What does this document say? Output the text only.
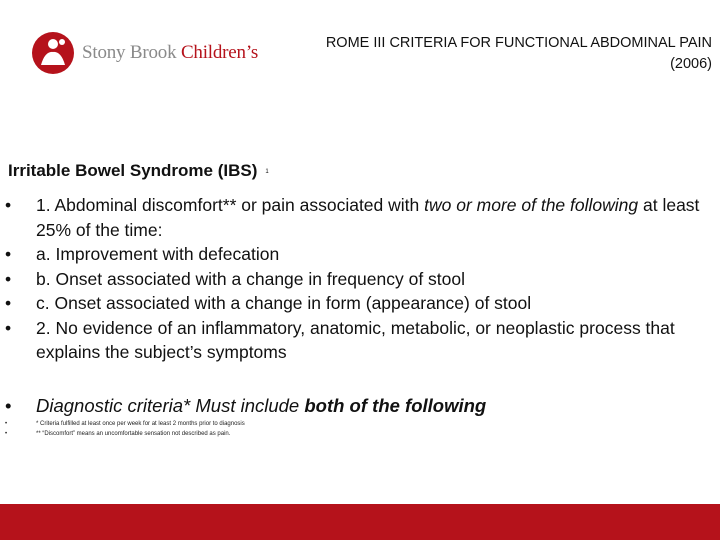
Stony Brook Children’s	ROME III CRITERIA FOR FUNCTIONAL ABDOMINAL PAIN
(2006)
Irritable Bowel Syndrome (IBS) 1
• 1. Abdominal discomfort** or pain associated with two or more of the following at least 25% of the time:
• a. Improvement with defecation
• b. Onset associated with a change in frequency of stool
• c. Onset associated with a change in form (appearance) of stool
• 2. No evidence of an inflammatory, anatomic, metabolic, or neoplastic process that explains the subject’s symptoms
• Diagnostic criteria* Must include both of the following
•	* Criteria fulfilled at least once per week for at least 2 months prior to diagnosis
•	** “Discomfort” means an uncomfortable sensation not described as pain.
